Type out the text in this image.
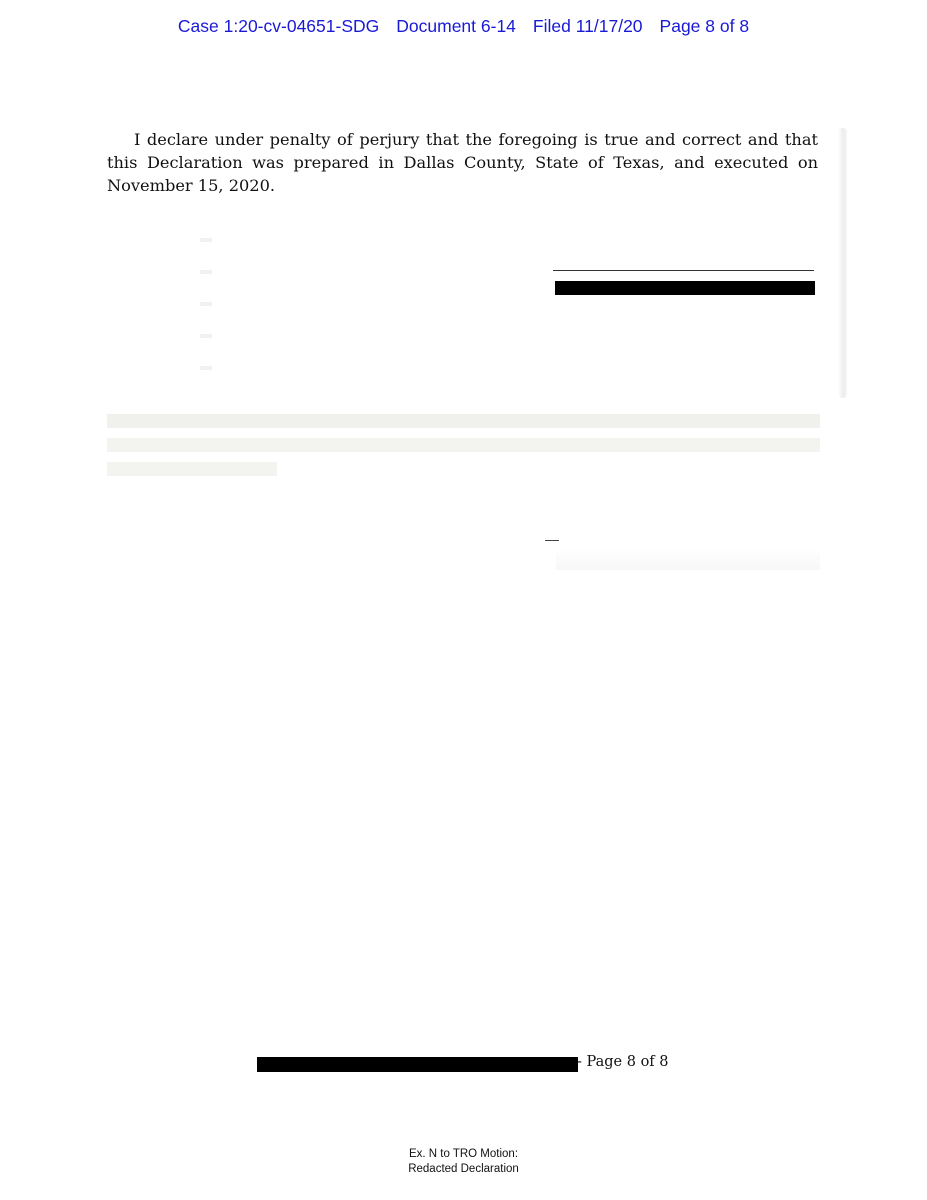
Case 1:20-cv-04651-SDG Document 6-14 Filed 11/17/20 Page 8 of 8

I declare under penalty of perjury that the foregoing is true and correct and that this Declaration was prepared in Dallas County, State of Texas, and executed on November 15, 2020.

- Page 8 of 8
Ex. N to TRO Motion:
Redacted Declaration
